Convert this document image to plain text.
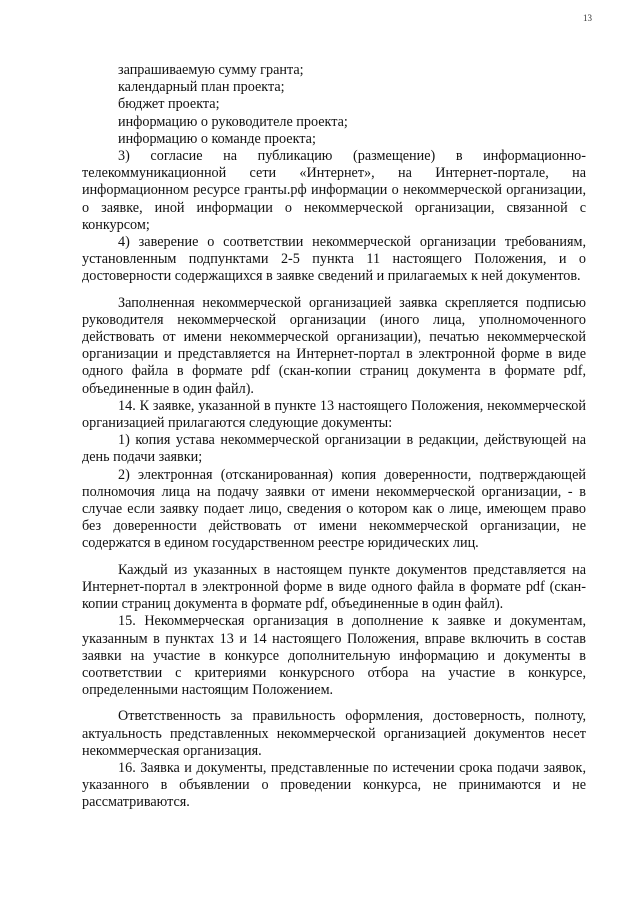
13

запрашиваемую сумму гранта;

календарный план проекта;

бюджет проекта;

информацию о руководителе проекта;

информацию о команде проекта;

3) согласие на публикацию (размещение) в информационно-телекоммуникационной сети «Интернет», на Интернет-портале, на информационном ресурсе гранты.рф информации о некоммерческой организации, о заявке, иной информации о некоммерческой организации, связанной с конкурсом;

4) заверение о соответствии некоммерческой организации требованиям, установленным подпунктами 2-5 пункта 11 настоящего Положения, и о достоверности содержащихся в заявке сведений и прилагаемых к ней документов.

Заполненная некоммерческой организацией заявка скрепляется подписью руководителя некоммерческой организации (иного лица, уполномоченного действовать от имени некоммерческой организации), печатью некоммерческой организации и представляется на Интернет-портал в электронной форме в виде одного файла в формате pdf (скан-копии страниц документа в формате pdf, объединенные в один файл).

14. К заявке, указанной в пункте 13 настоящего Положения, некоммерческой организацией прилагаются следующие документы:

1) копия устава некоммерческой организации в редакции, действующей на день подачи заявки;

2) электронная (отсканированная) копия доверенности, подтверждающей полномочия лица на подачу заявки от имени некоммерческой организации, - в случае если заявку подает лицо, сведения о котором как о лице, имеющем право без доверенности действовать от имени некоммерческой организации, не содержатся в едином государственном реестре юридических лиц.

Каждый из указанных в настоящем пункте документов представляется на Интернет-портал в электронной форме в виде одного файла в формате pdf (скан-копии страниц документа в формате pdf, объединенные в один файл).

15. Некоммерческая организация в дополнение к заявке и документам, указанным в пунктах 13 и 14 настоящего Положения, вправе включить в состав заявки на участие в конкурсе дополнительную информацию и документы в соответствии с критериями конкурсного отбора на участие в конкурсе, определенными настоящим Положением.

Ответственность за правильность оформления, достоверность, полноту, актуальность представленных некоммерческой организацией документов несет некоммерческая организация.

16. Заявка и документы, представленные по истечении срока подачи заявок, указанного в объявлении о проведении конкурса, не принимаются и не рассматриваются.
